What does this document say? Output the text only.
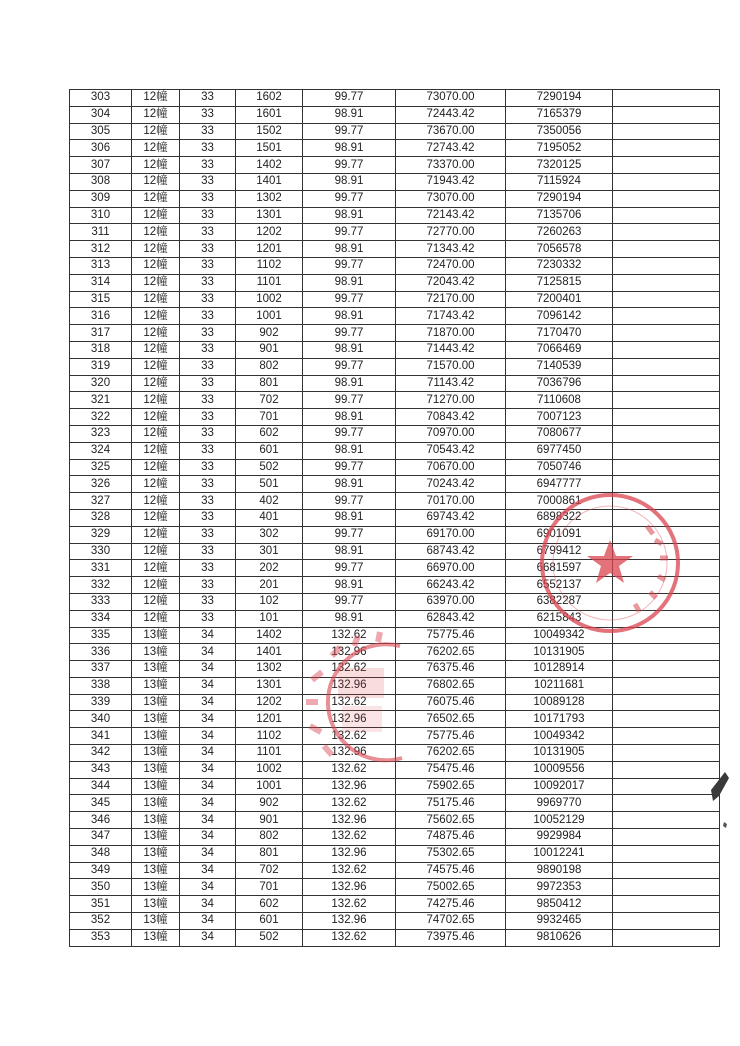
303	12幢	33	1602	99.77	73070.00	7290194	
304	12幢	33	1601	98.91	72443.42	7165379	
305	12幢	33	1502	99.77	73670.00	7350056	
306	12幢	33	1501	98.91	72743.42	7195052	
307	12幢	33	1402	99.77	73370.00	7320125	
308	12幢	33	1401	98.91	71943.42	7115924	
309	12幢	33	1302	99.77	73070.00	7290194	
310	12幢	33	1301	98.91	72143.42	7135706	
311	12幢	33	1202	99.77	72770.00	7260263	
312	12幢	33	1201	98.91	71343.42	7056578	
313	12幢	33	1102	99.77	72470.00	7230332	
314	12幢	33	1101	98.91	72043.42	7125815	
315	12幢	33	1002	99.77	72170.00	7200401	
316	12幢	33	1001	98.91	71743.42	7096142	
317	12幢	33	902	99.77	71870.00	7170470	
318	12幢	33	901	98.91	71443.42	7066469	
319	12幢	33	802	99.77	71570.00	7140539	
320	12幢	33	801	98.91	71143.42	7036796	
321	12幢	33	702	99.77	71270.00	7110608	
322	12幢	33	701	98.91	70843.42	7007123	
323	12幢	33	602	99.77	70970.00	7080677	
324	12幢	33	601	98.91	70543.42	6977450	
325	12幢	33	502	99.77	70670.00	7050746	
326	12幢	33	501	98.91	70243.42	6947777	
327	12幢	33	402	99.77	70170.00	7000861	
328	12幢	33	401	98.91	69743.42	6898322	
329	12幢	33	302	99.77	69170.00	6901091	
330	12幢	33	301	98.91	68743.42	6799412	
331	12幢	33	202	99.77	66970.00	6681597	
332	12幢	33	201	98.91	66243.42	6552137	
333	12幢	33	102	99.77	63970.00	6382287	
334	12幢	33	101	98.91	62843.42	6215843	
335	13幢	34	1402	132.62	75775.46	10049342	
336	13幢	34	1401	132.96	76202.65	10131905	
337	13幢	34	1302	132.62	76375.46	10128914	
338	13幢	34	1301	132.96	76802.65	10211681	
339	13幢	34	1202	132.62	76075.46	10089128	
340	13幢	34	1201	132.96	76502.65	10171793	
341	13幢	34	1102	132.62	75775.46	10049342	
342	13幢	34	1101	132.96	76202.65	10131905	
343	13幢	34	1002	132.62	75475.46	10009556	
344	13幢	34	1001	132.96	75902.65	10092017	
345	13幢	34	902	132.62	75175.46	9969770	
346	13幢	34	901	132.96	75602.65	10052129	
347	13幢	34	802	132.62	74875.46	9929984	
348	13幢	34	801	132.96	75302.65	10012241	
349	13幢	34	702	132.62	74575.46	9890198	
350	13幢	34	701	132.96	75002.65	9972353	
351	13幢	34	602	132.62	74275.46	9850412	
352	13幢	34	601	132.96	74702.65	9932465	
353	13幢	34	502	132.62	73975.46	9810626	
